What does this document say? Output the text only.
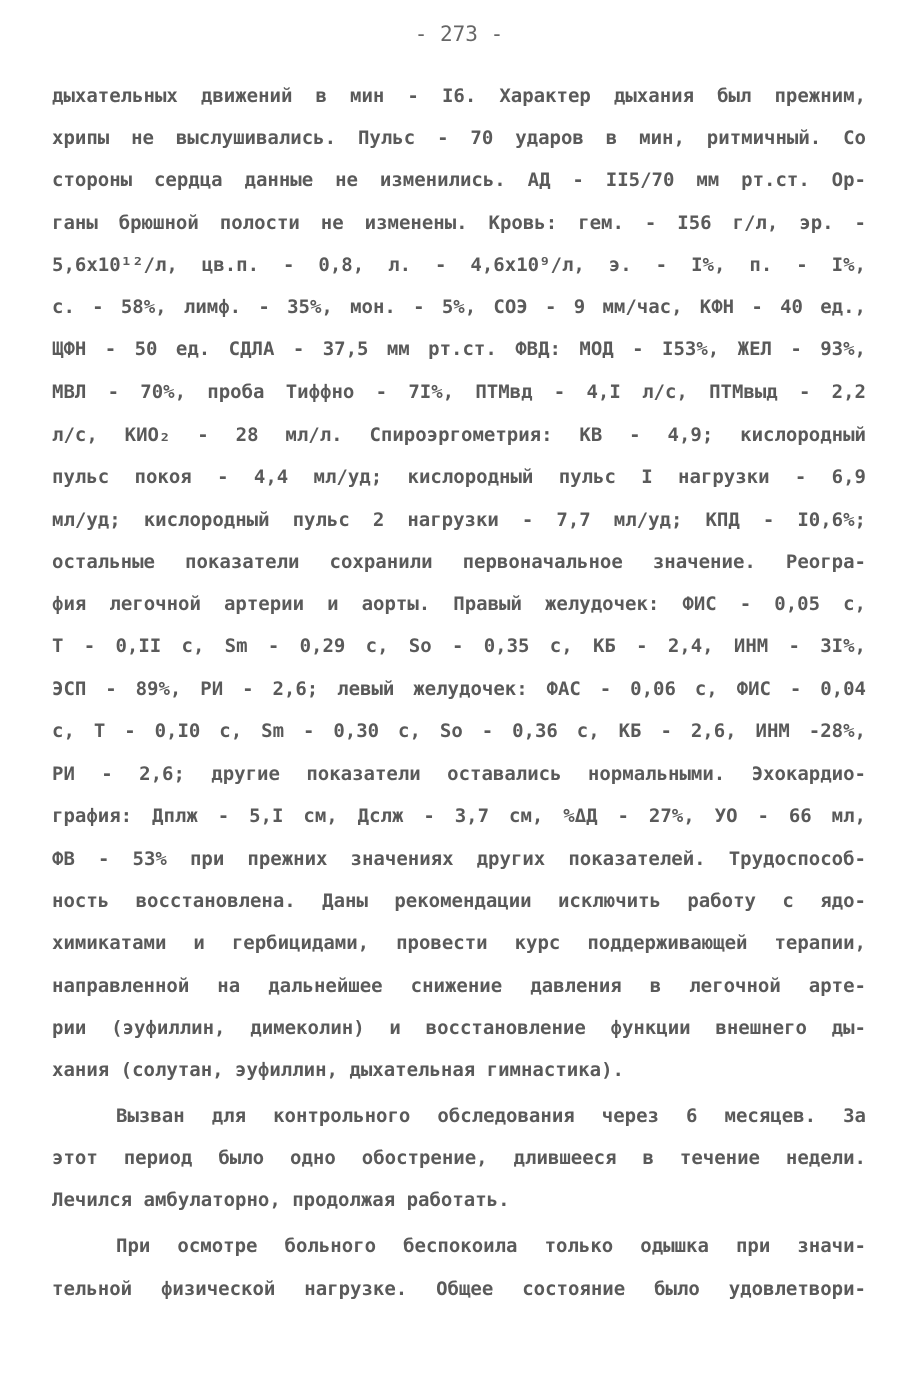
- 273 -
дыхательных движений в мин - I6. Характер дыхания был прежним,
хрипы не выслушивались. Пульс - 70 ударов в мин, ритмичный. Со
стороны сердца данные не изменились. АД - II5/70 мм рт.ст. Ор-
ганы брюшной полости не изменены. Кровь: гем. - I56 г/л, эр. -
5,6x10¹²/л, цв.п. - 0,8, л. - 4,6x10⁹/л, э. - I%, п. - I%,
с. - 58%, лимф. - 35%, мон. - 5%, СОЭ - 9 мм/час, КФН - 40 ед.,
ЩФН - 50 ед. СДЛА - 37,5 мм рт.ст. ФВД: МОД - I53%, ЖЕЛ - 93%,
МВЛ - 70%, проба Тиффно - 7I%, ПТМвд - 4,I л/с, ПТМвыд - 2,2
л/с, КИО₂ - 28 мл/л. Спироэргометрия: КВ - 4,9; кислородный
пульс покоя - 4,4 мл/уд; кислородный пульс I нагрузки - 6,9
мл/уд; кислородный пульс 2 нагрузки - 7,7 мл/уд; КПД - I0,6%;
остальные показатели сохранили первоначальное значение. Реогра-
фия легочной артерии и аорты. Правый желудочек: ФИС - 0,05 с,
Т - 0,II с, Sm - 0,29 с, So - 0,35 с, КБ - 2,4, ИНМ - 3I%,
ЭСП - 89%, РИ - 2,6; левый желудочек: ФАС - 0,06 с, ФИС - 0,04
с, Т - 0,I0 с, Sm - 0,30 с, So - 0,36 с, КБ - 2,6, ИНМ -28%,
РИ - 2,6; другие показатели оставались нормальными. Эхокардио-
графия: Дплж - 5,I см, Дслж - 3,7 см, %ΔД - 27%, УО - 66 мл,
ФВ - 53% при прежних значениях других показателей. Трудоспособ-
ность восстановлена. Даны рекомендации исключить работу с ядо-
химикатами и гербицидами, провести курс поддерживающей терапии,
направленной на дальнейшее снижение давления в легочной арте-
рии (эуфиллин, димеколин) и восстановление функции внешнего ды-
хания (солутан, эуфиллин, дыхательная гимнастика).
Вызван для контрольного обследования через 6 месяцев. За
этот период было одно обострение, длившееся в течение недели.
Лечился амбулаторно, продолжая работать.
При осмотре больного беспокоила только одышка при значи-
тельной физической нагрузке. Общее состояние было удовлетвори-
